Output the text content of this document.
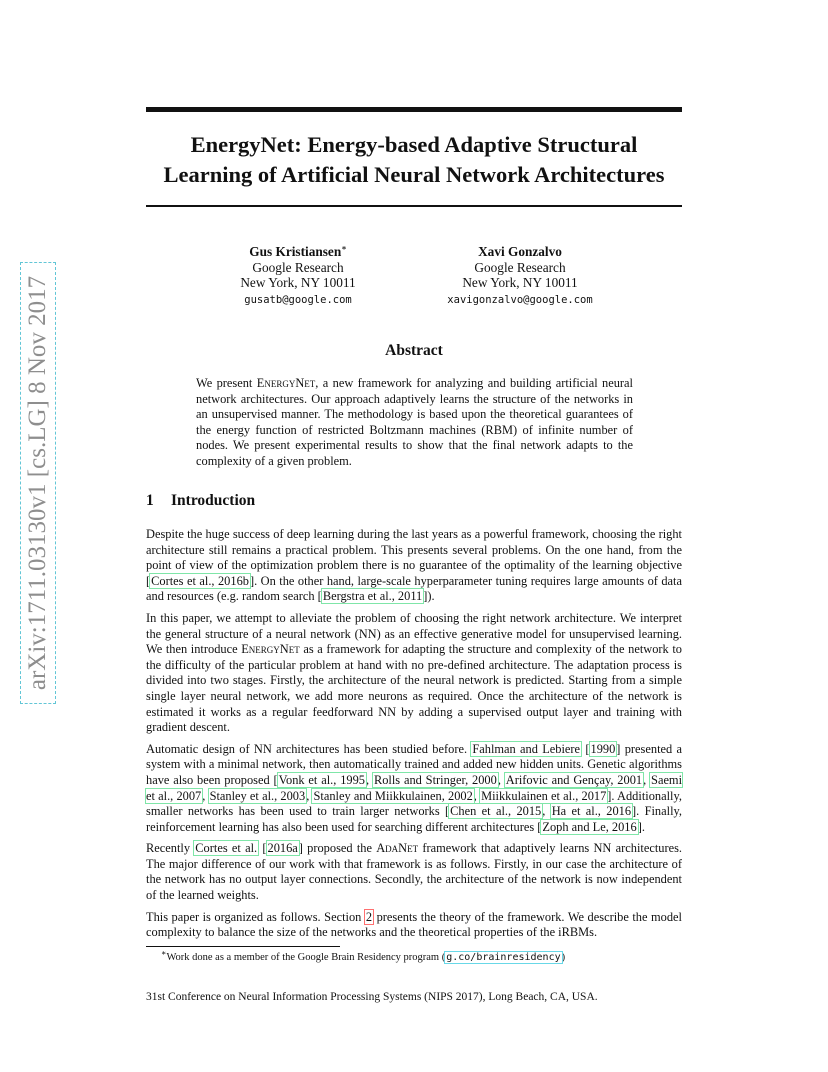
arXiv:1711.03130v1 [cs.LG] 8 Nov 2017
EnergyNet: Energy-based Adaptive Structural Learning of Artificial Neural Network Architectures
Gus Kristiansen∗
Google Research
New York, NY 10011
gusatb@google.com
Xavi Gonzalvo
Google Research
New York, NY 10011
xavigonzalvo@google.com
Abstract

We present EnergyNet, a new framework for analyzing and building artificial neural network architectures. Our approach adaptively learns the structure of the networks in an unsupervised manner. The methodology is based upon the theoretical guarantees of the energy function of restricted Boltzmann machines (RBM) of infinite number of nodes. We present experimental results to show that the final network adapts to the complexity of a given problem.

1 Introduction

Despite the huge success of deep learning during the last years as a powerful framework, choosing the right architecture still remains a practical problem. This presents several problems. On the one hand, from the point of view of the optimization problem there is no guarantee of the optimality of the learning objective [Cortes et al., 2016b]. On the other hand, large-scale hyperparameter tuning requires large amounts of data and resources (e.g. random search [Bergstra et al., 2011]).

In this paper, we attempt to alleviate the problem of choosing the right network architecture. We interpret the general structure of a neural network (NN) as an effective generative model for unsupervised learning. We then introduce EnergyNet as a framework for adapting the structure and complexity of the network to the difficulty of the particular problem at hand with no pre-defined architecture. The adaptation process is divided into two stages. Firstly, the architecture of the neural network is predicted. Starting from a simple single layer neural network, we add more neurons as required. Once the architecture of the network is estimated it works as a regular feedforward NN by adding a supervised output layer and training with gradient descent.

Automatic design of NN architectures has been studied before. Fahlman and Lebiere [1990] presented a system with a minimal network, then automatically trained and added new hidden units. Genetic algorithms have also been proposed [Vonk et al., 1995, Rolls and Stringer, 2000, Arifovic and Gençay, 2001, Saemi et al., 2007, Stanley et al., 2003, Stanley and Miikkulainen, 2002, Miikkulainen et al., 2017]. Additionally, smaller networks has been used to train larger networks [Chen et al., 2015, Ha et al., 2016]. Finally, reinforcement learning has also been used for searching different architectures [Zoph and Le, 2016].

Recently Cortes et al. [2016a] proposed the AdaNet framework that adaptively learns NN architectures. The major difference of our work with that framework is as follows. Firstly, in our case the architecture of the network has no output layer connections. Secondly, the architecture of the network is now independent of the learned weights.

This paper is organized as follows. Section 2 presents the theory of the framework. We describe the model complexity to balance the size of the networks and the theoretical properties of the iRBMs.

∗Work done as a member of the Google Brain Residency program (g.co/brainresidency)
31st Conference on Neural Information Processing Systems (NIPS 2017), Long Beach, CA, USA.
